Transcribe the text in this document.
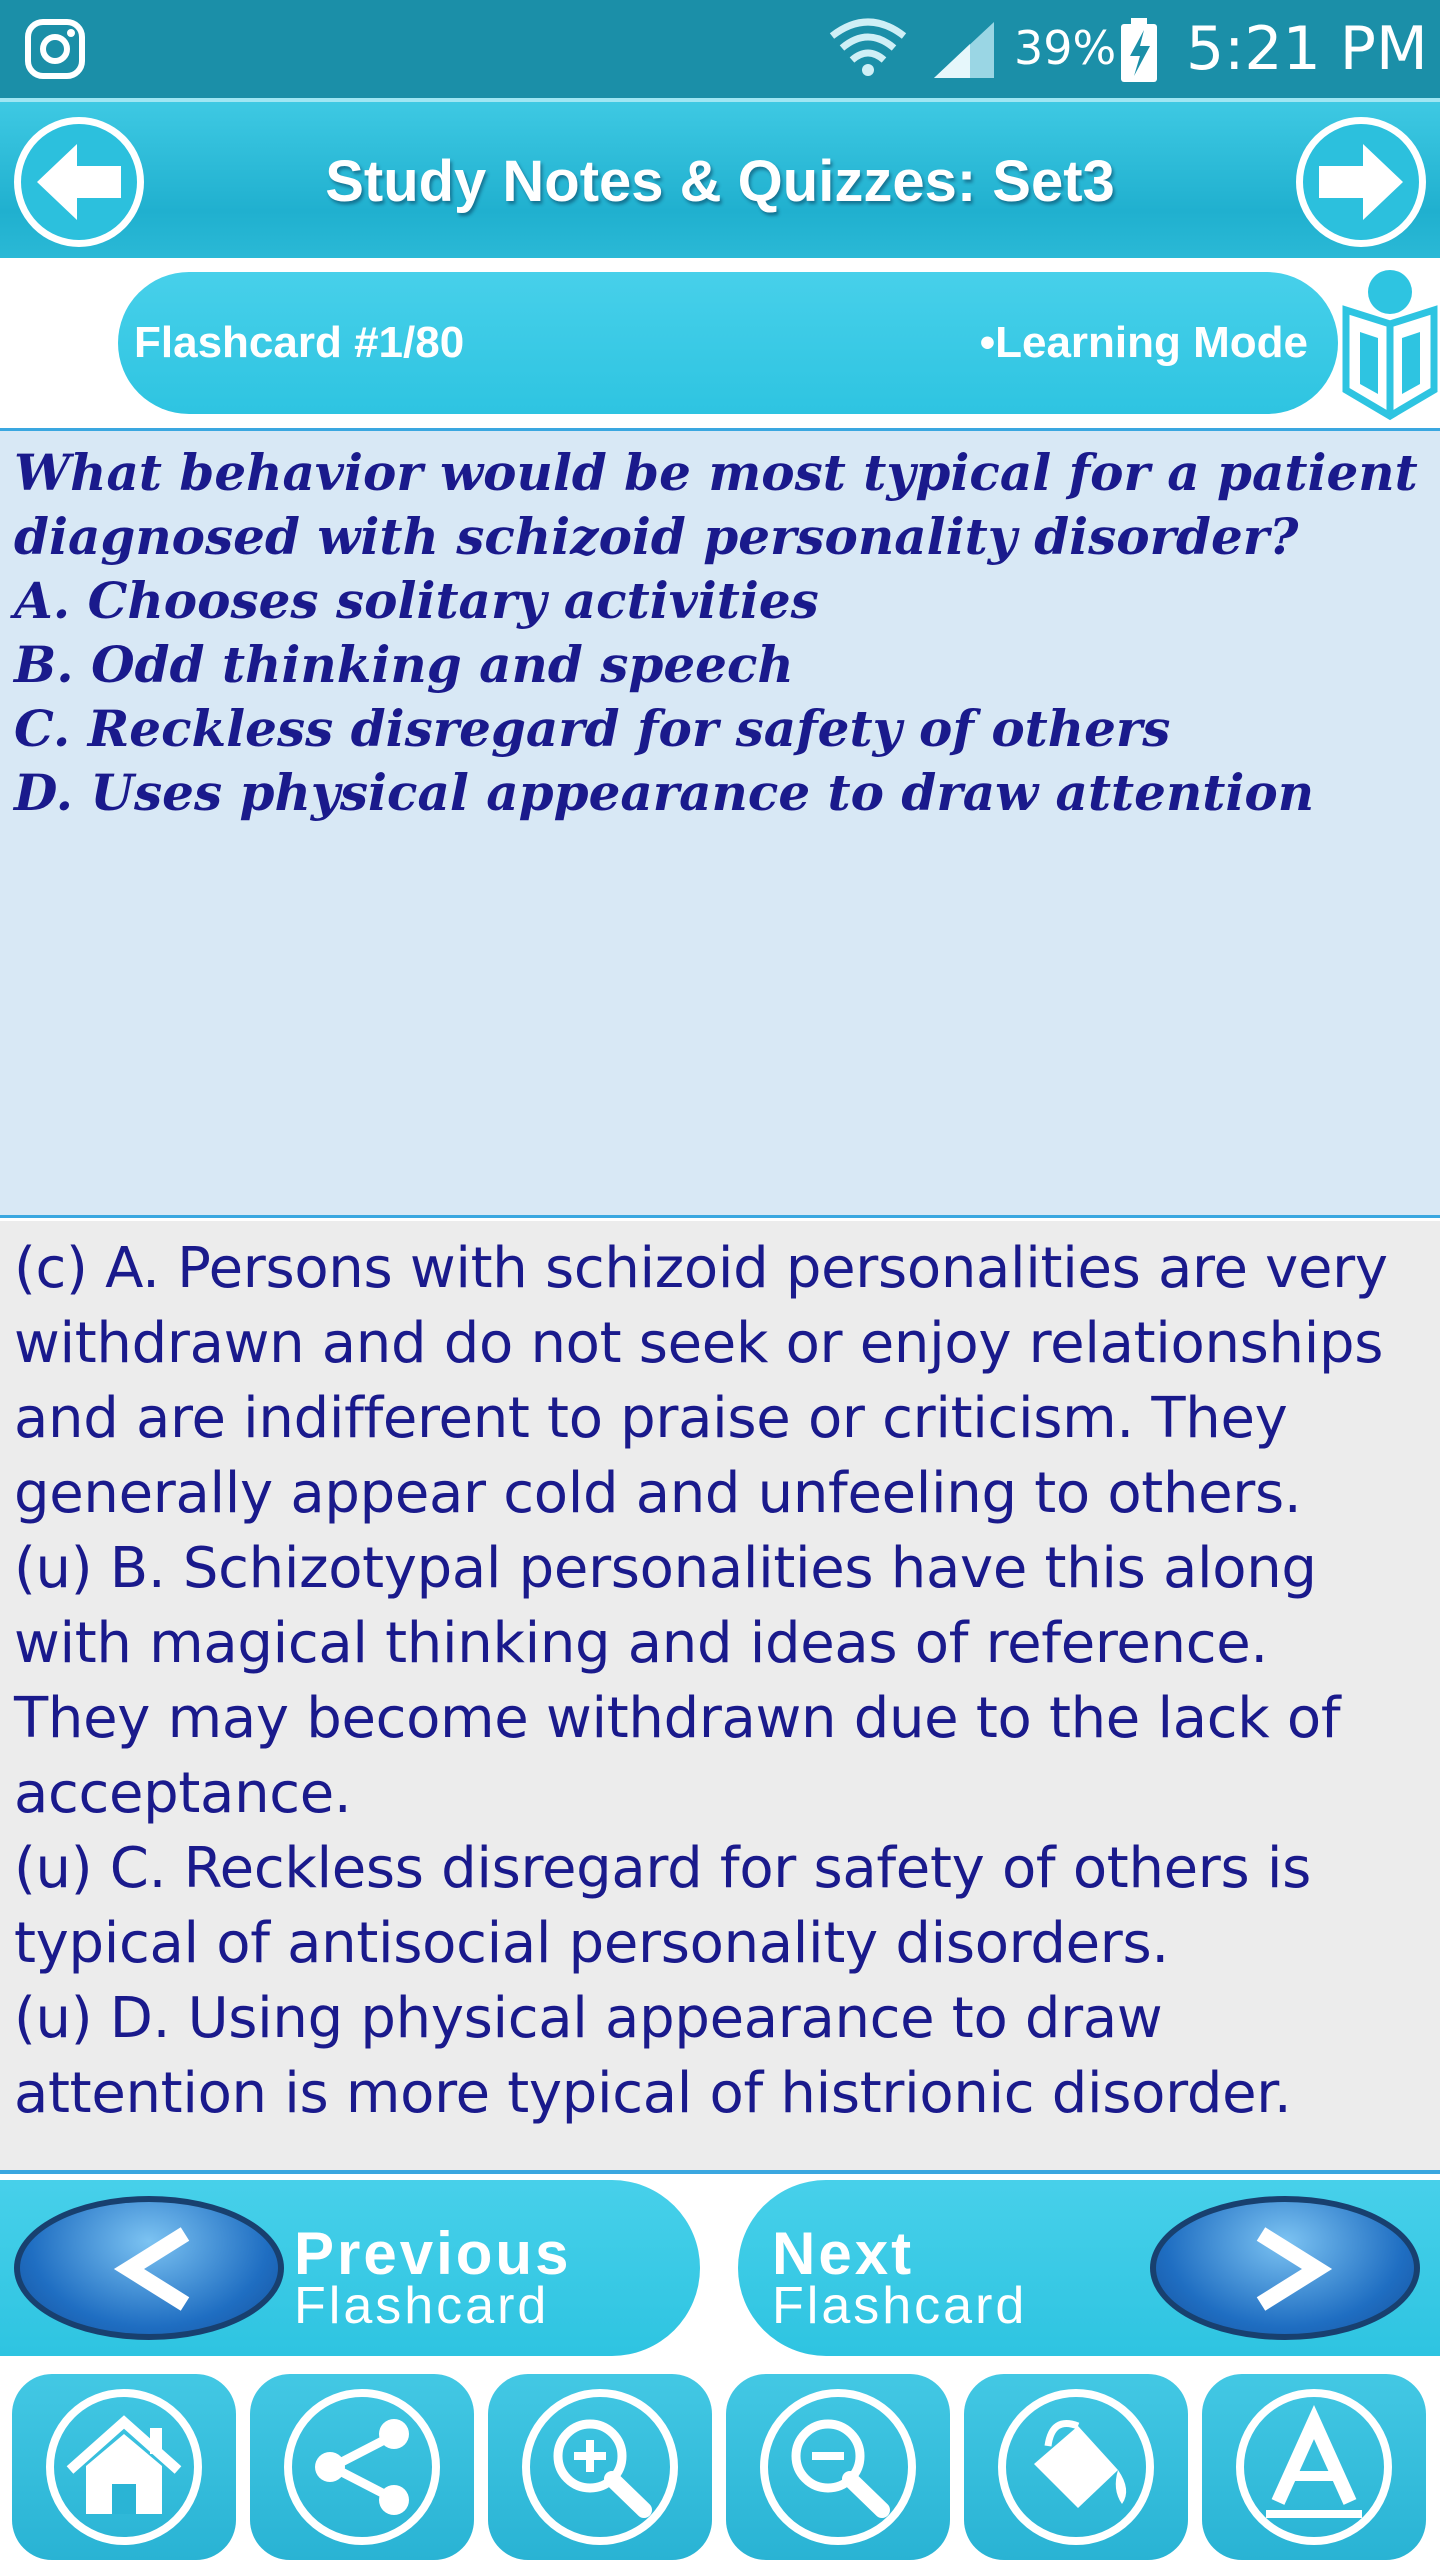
39% 5:21 PM
Study Notes & Quizzes: Set3
Flashcard #1/80	•Learning Mode
What behavior would be most typical for a patient
diagnosed with schizoid personality disorder?
A. Chooses solitary activities
B. Odd thinking and speech
C. Reckless disregard for safety of others
D. Uses physical appearance to draw attention
(c) A. Persons with schizoid personalities are very
withdrawn and do not seek or enjoy relationships
and are indifferent to praise or criticism. They
generally appear cold and unfeeling to others.
(u) B. Schizotypal personalities have this along
with magical thinking and ideas of reference.
They may become withdrawn due to the lack of
acceptance.
(u) C. Reckless disregard for safety of others is
typical of antisocial personality disorders.
(u) D. Using physical appearance to draw
attention is more typical of histrionic disorder.
Previous
Flashcard
Next
Flashcard
